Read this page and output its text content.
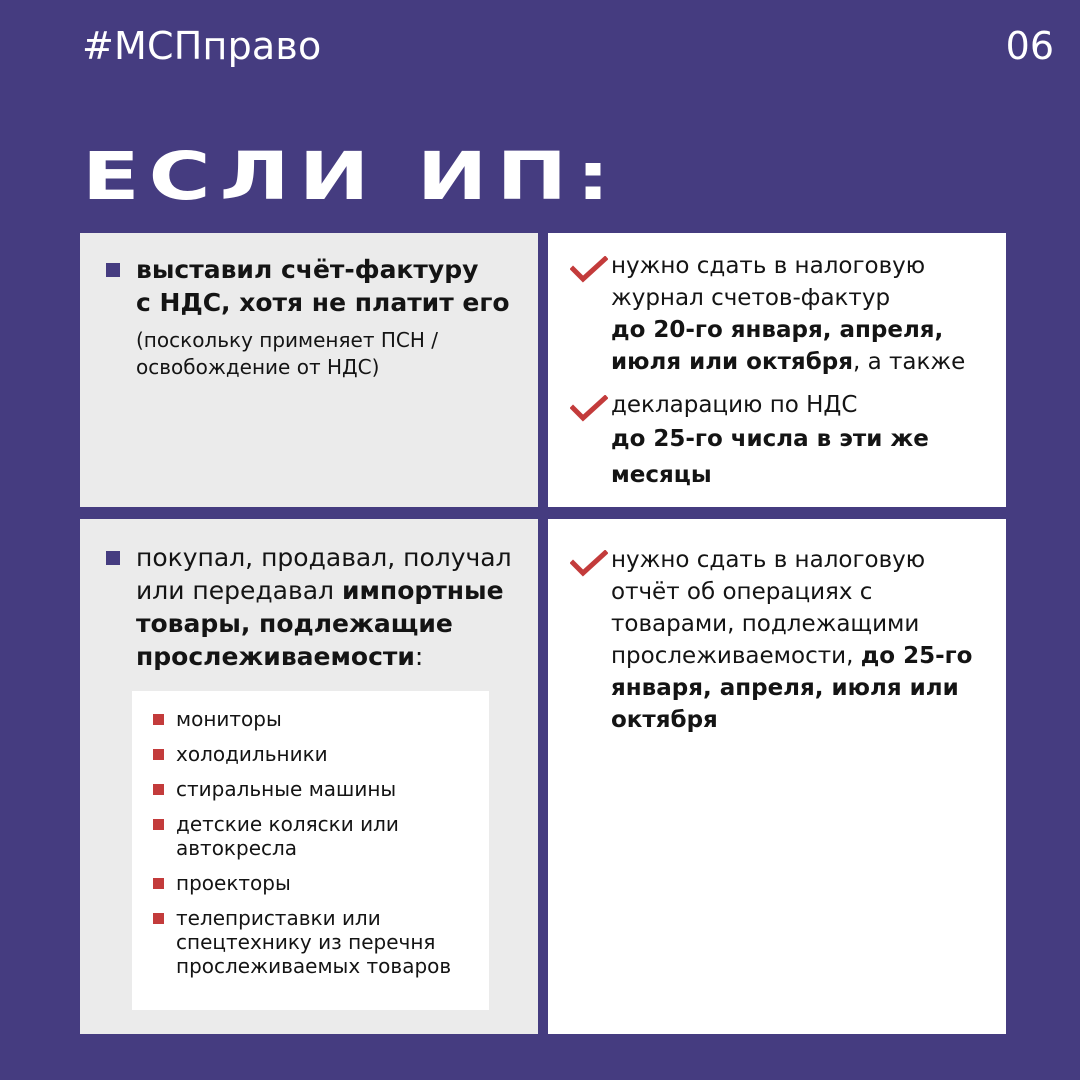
#МСПправо	06
ЕСЛИ ИП:
выставил счёт-фактуру
с НДС, хотя не платит его
(поскольку применяет ПСН / освобождение от НДС)
нужно сдать в налоговую
журнал счетов-фактур
до 20-го января, апреля, июля или октября, а также
декларацию по НДС
до 25-го числа в эти же месяцы
покупал, продавал, получал или передавал импортные товары, подлежащие прослеживаемости:
мониторы
холодильники
стиральные машины
детские коляски или автокресла
проекторы
телеприставки или спецтехнику из перечня прослеживаемых товаров
нужно сдать в налоговую отчёт об операциях с товарами, подлежащими прослеживаемости, до 25-го января, апреля, июля или октября
